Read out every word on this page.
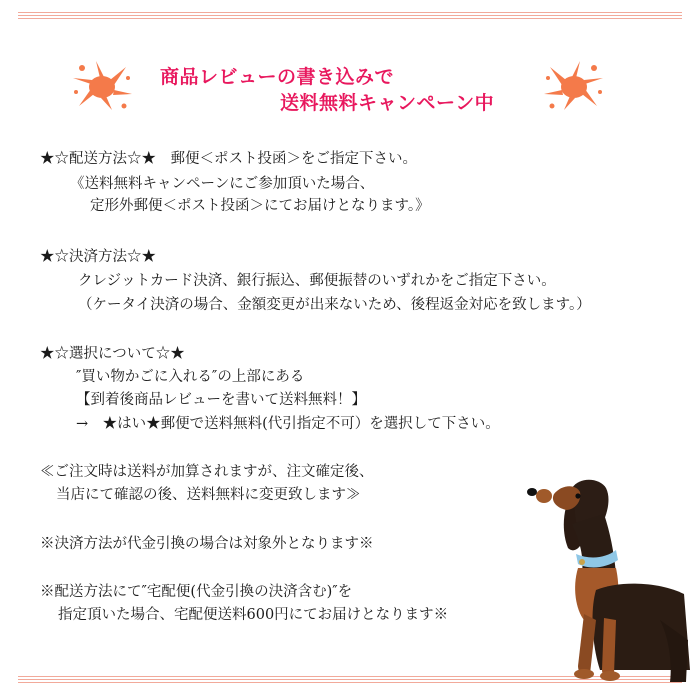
商品レビューの書き込みで
送料無料キャンペーン中
★☆配送方法☆★　郵便＜ポスト投函＞をご指定下さい。
《送料無料キャンペーンにご参加頂いた場合、
定形外郵便＜ポスト投函＞にてお届けとなります。》
★☆決済方法☆★
クレジットカード決済、銀行振込、郵便振替のいずれかをご指定下さい。
（ケータイ決済の場合、金額変更が出来ないため、後程返金対応を致します。）
★☆選択について☆★
″買い物かごに入れる″の上部にある
【到着後商品レビューを書いて送料無料！】
→　★はい★郵便で送料無料(代引指定不可）を選択して下さい。
≪ご注文時は送料が加算されますが、注文確定後、
当店にて確認の後、送料無料に変更致します≫
※決済方法が代金引換の場合は対象外となります※
※配送方法にて″宅配便(代金引換の決済含む)″を
指定頂いた場合、宅配便送料600円にてお届けとなります※
